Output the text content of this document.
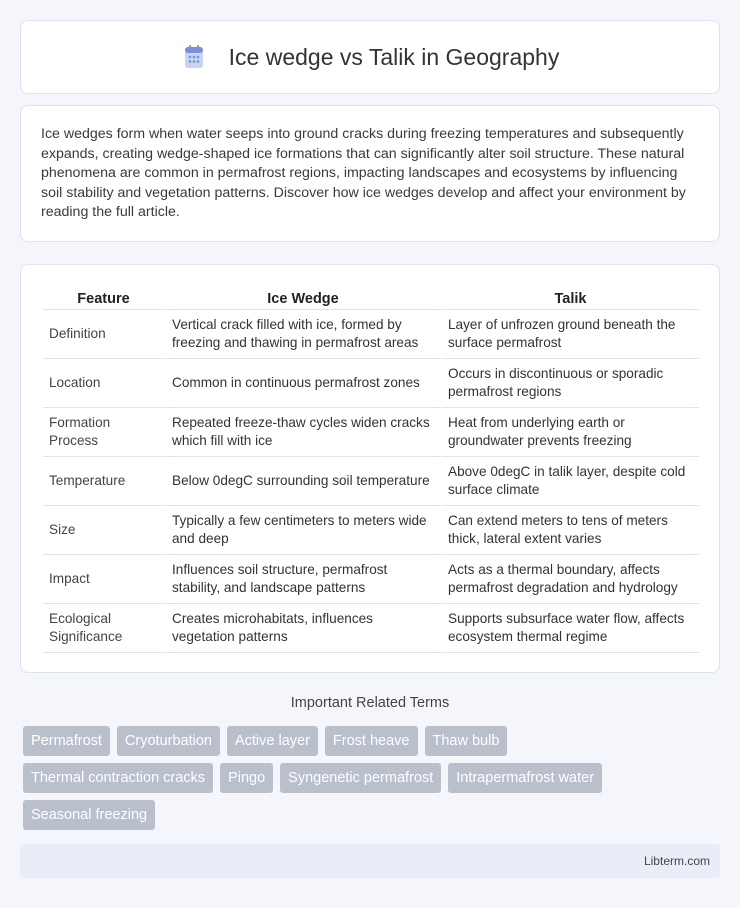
Ice wedge vs Talik in Geography

Ice wedges form when water seeps into ground cracks during freezing temperatures and subsequently expands, creating wedge-shaped ice formations that can significantly alter soil structure. These natural phenomena are common in permafrost regions, impacting landscapes and ecosystems by influencing soil stability and vegetation patterns. Discover how ice wedges develop and affect your environment by reading the full article.

Feature	Ice Wedge	Talik
Definition	Vertical crack filled with ice, formed by freezing and thawing in permafrost areas	Layer of unfrozen ground beneath the surface permafrost
Location	Common in continuous permafrost zones	Occurs in discontinuous or sporadic permafrost regions
Formation Process	Repeated freeze-thaw cycles widen cracks which fill with ice	Heat from underlying earth or groundwater prevents freezing
Temperature	Below 0degC surrounding soil temperature	Above 0degC in talik layer, despite cold surface climate
Size	Typically a few centimeters to meters wide and deep	Can extend meters to tens of meters thick, lateral extent varies
Impact	Influences soil structure, permafrost stability, and landscape patterns	Acts as a thermal boundary, affects permafrost degradation and hydrology
Ecological Significance	Creates microhabitats, influences vegetation patterns	Supports subsurface water flow, affects ecosystem thermal regime
Important Related Terms
Permafrost	Cryoturbation	Active layer	Frost heave	Thaw bulb
Thermal contraction cracks	Pingo	Syngenetic permafrost	Intrapermafrost water
Seasonal freezing
Libterm.com
